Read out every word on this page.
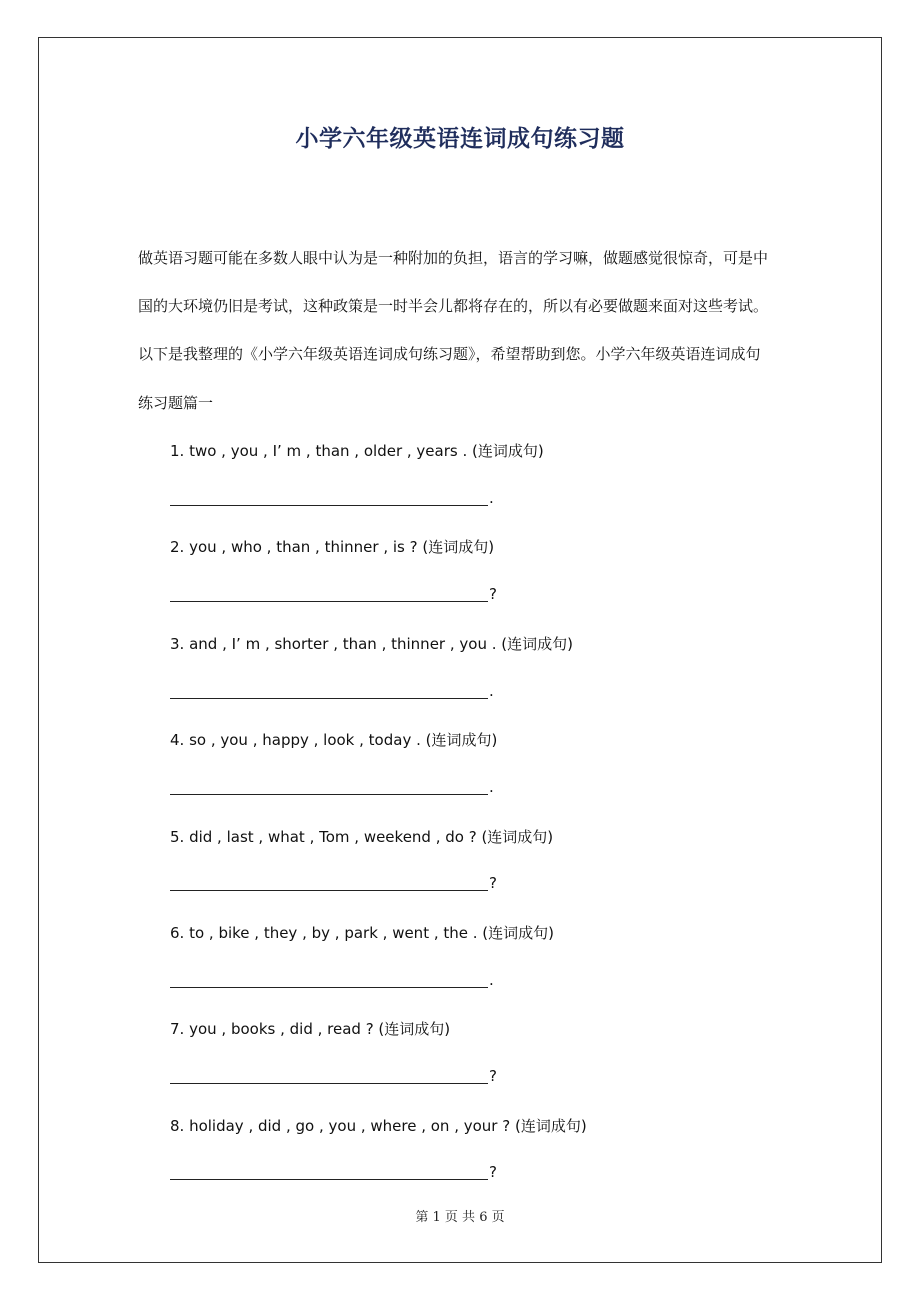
小学六年级英语连词成句练习题
做英语习题可能在多数人眼中认为是一种附加的负担，语言的学习嘛，做题感觉很惊奇，可是中
国的大环境仍旧是考试，这种政策是一时半会儿都将存在的，所以有必要做题来面对这些考试。
以下是我整理的《小学六年级英语连词成句练习题》，希望帮助到您。小学六年级英语连词成句
练习题篇一
1. two , you , I’ m , than , older , years . (连词成句)
.
2. you , who , than , thinner , is ? (连词成句)
?
3. and , I’ m , shorter , than , thinner , you . (连词成句)
.
4. so , you , happy , look , today . (连词成句)
.
5. did , last , what , Tom , weekend , do ? (连词成句)
?
6. to , bike , they , by , park , went , the . (连词成句)
.
7. you , books , did , read ? (连词成句)
?
8. holiday , did , go , you , where , on , your ? (连词成句)
?
第 1 页 共 6 页
